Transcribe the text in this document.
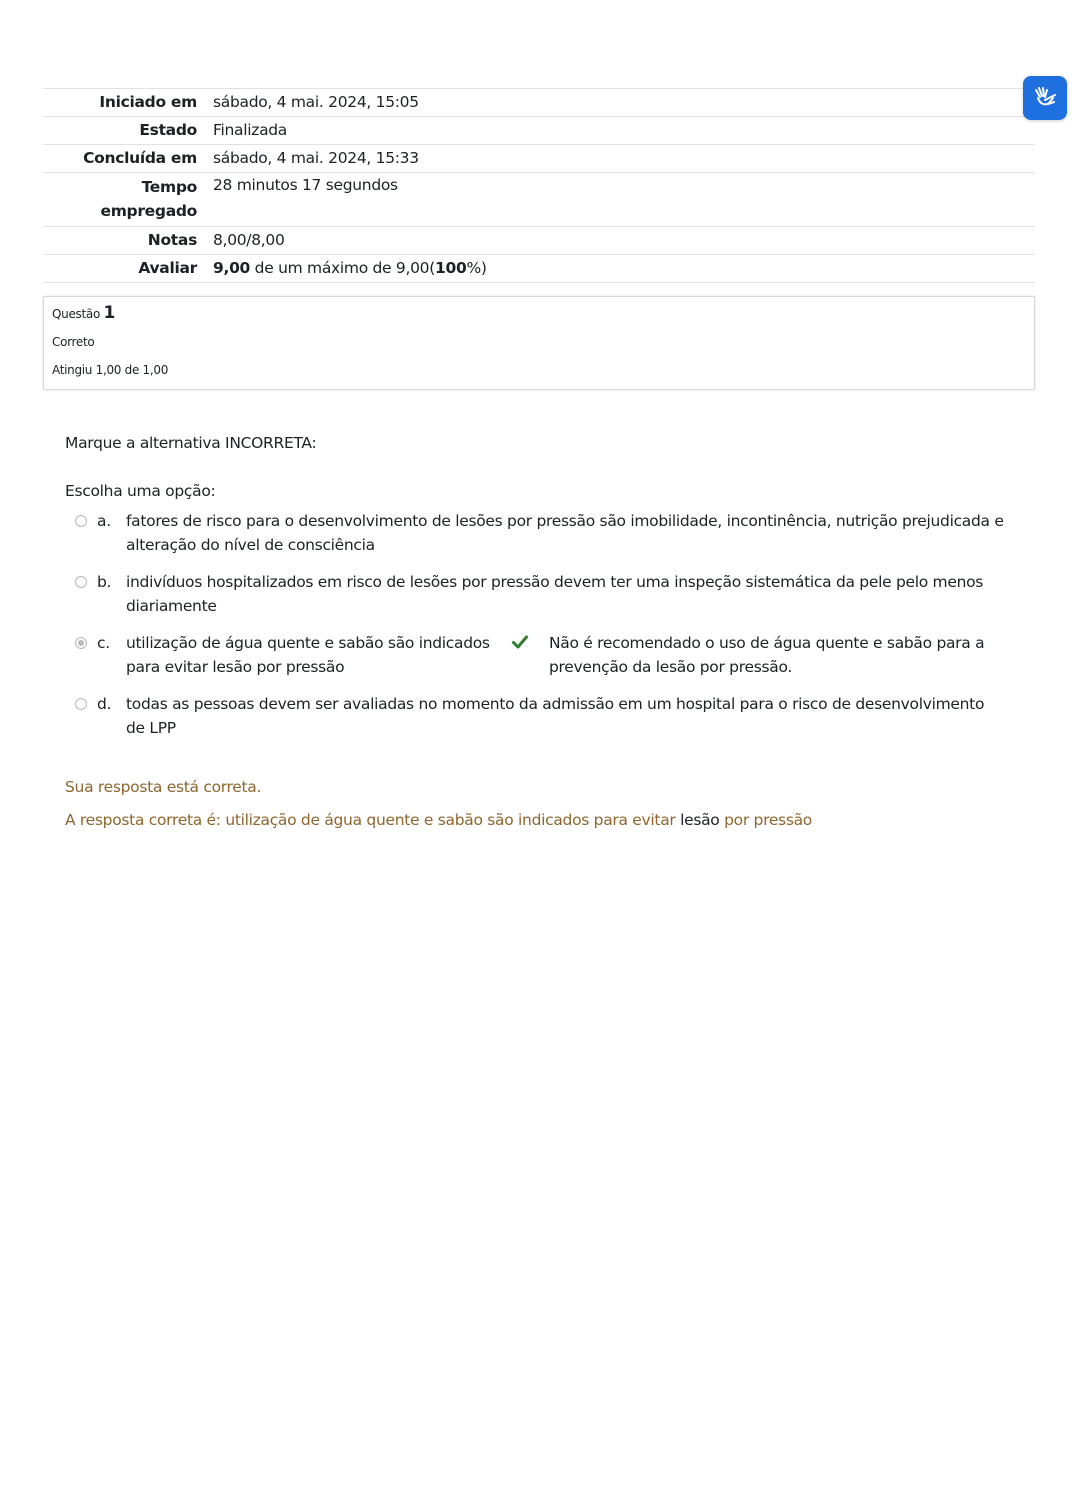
Iniciado em	sábado, 4 mai. 2024, 15:05
Estado	Finalizada
Concluída em	sábado, 4 mai. 2024, 15:33
Tempo empregado	28 minutos 17 segundos
Notas	8,00/8,00
Avaliar	9,00 de um máximo de 9,00(100%)
Questão 1
Correto
Atingiu 1,00 de 1,00
Marque a alternativa INCORRETA:
Escolha uma opção:
a. fatores de risco para o desenvolvimento de lesões por pressão são imobilidade, incontinência, nutrição prejudicada e alteração do nível de consciência
b. indivíduos hospitalizados em risco de lesões por pressão devem ter uma inspeção sistemática da pele pelo menos diariamente
c. utilização de água quente e sabão são indicados para evitar lesão por pressão
Não é recomendado o uso de água quente e sabão para a prevenção da lesão por pressão.
d. todas as pessoas devem ser avaliadas no momento da admissão em um hospital para o risco de desenvolvimento de LPP
Sua resposta está correta.
A resposta correta é: utilização de água quente e sabão são indicados para evitar lesão por pressão
